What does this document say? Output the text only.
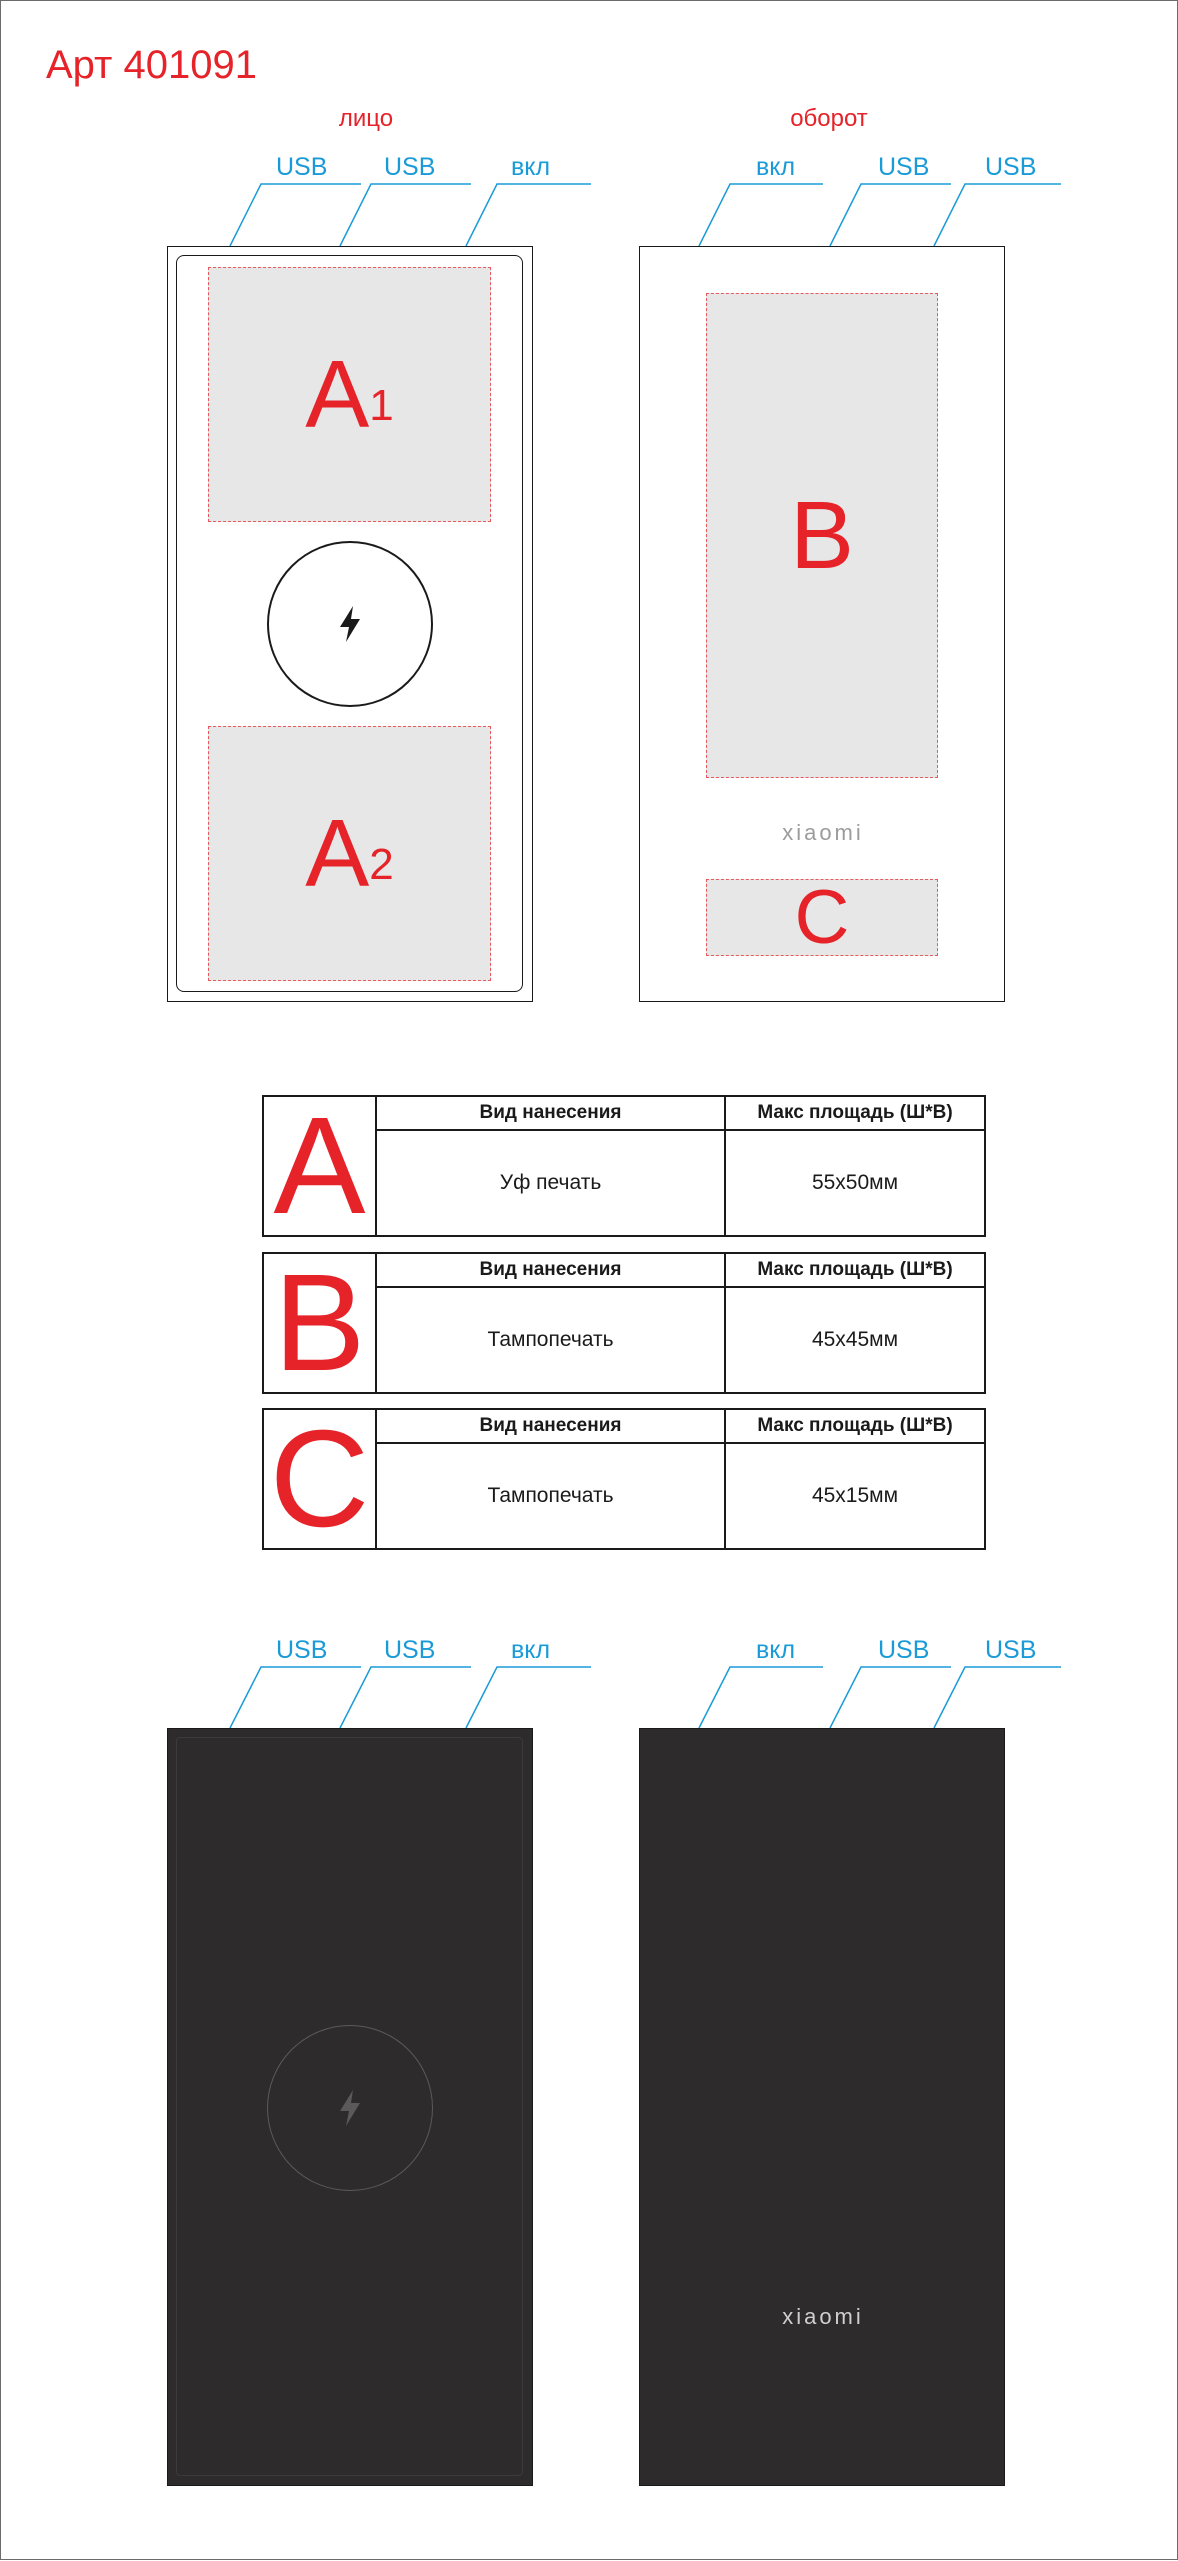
Арт 401091
лицо	оборот
USB USB	вкл	вкл	USB USB
A 1
A 2
B
xiaomi
C
A	Вид нанесения	Макс площадь (Ш*В)
	Уф печать	55x50мм
B	Вид нанесения	Макс площадь (Ш*В)
	Тампопечать	45x45мм
C	Вид нанесения	Макс площадь (Ш*В)
	Тампопечать	45x15мм
USB USB	вкл	вкл	USB USB
xiaomi
